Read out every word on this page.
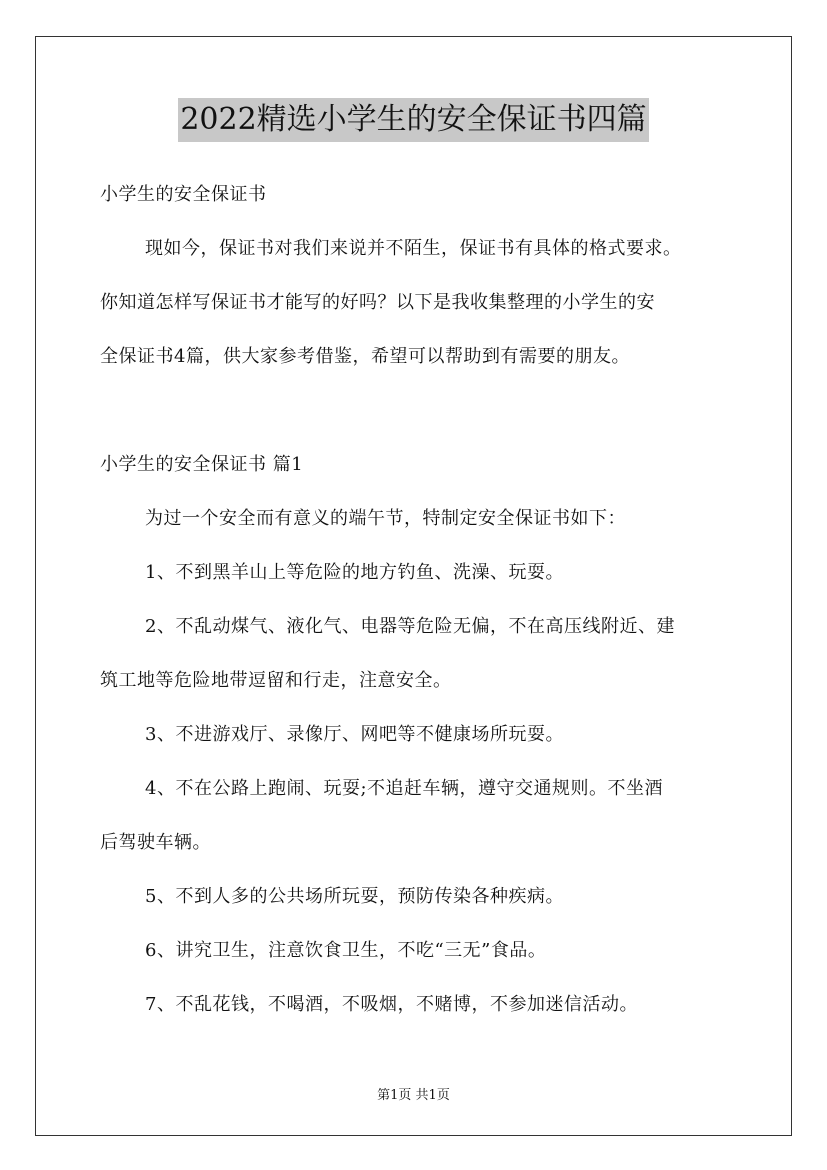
2022精选小学生的安全保证书四篇
小学生的安全保证书
现如今，保证书对我们来说并不陌生，保证书有具体的格式要求。
你知道怎样写保证书才能写的好吗？以下是我收集整理的小学生的安
全保证书4篇，供大家参考借鉴，希望可以帮助到有需要的朋友。
小学生的安全保证书 篇1
为过一个安全而有意义的端午节，特制定安全保证书如下：
1、不到黑羊山上等危险的地方钓鱼、洗澡、玩耍。
2、不乱动煤气、液化气、电器等危险无偏，不在高压线附近、建
筑工地等危险地带逗留和行走，注意安全。
3、不进游戏厅、录像厅、网吧等不健康场所玩耍。
4、不在公路上跑闹、玩耍;不追赶车辆，遵守交通规则。不坐酒
后驾驶车辆。
5、不到人多的公共场所玩耍，预防传染各种疾病。
6、讲究卫生，注意饮食卫生，不吃“三无”食品。
7、不乱花钱，不喝酒，不吸烟，不赌博，不参加迷信活动。
第1页 共1页
